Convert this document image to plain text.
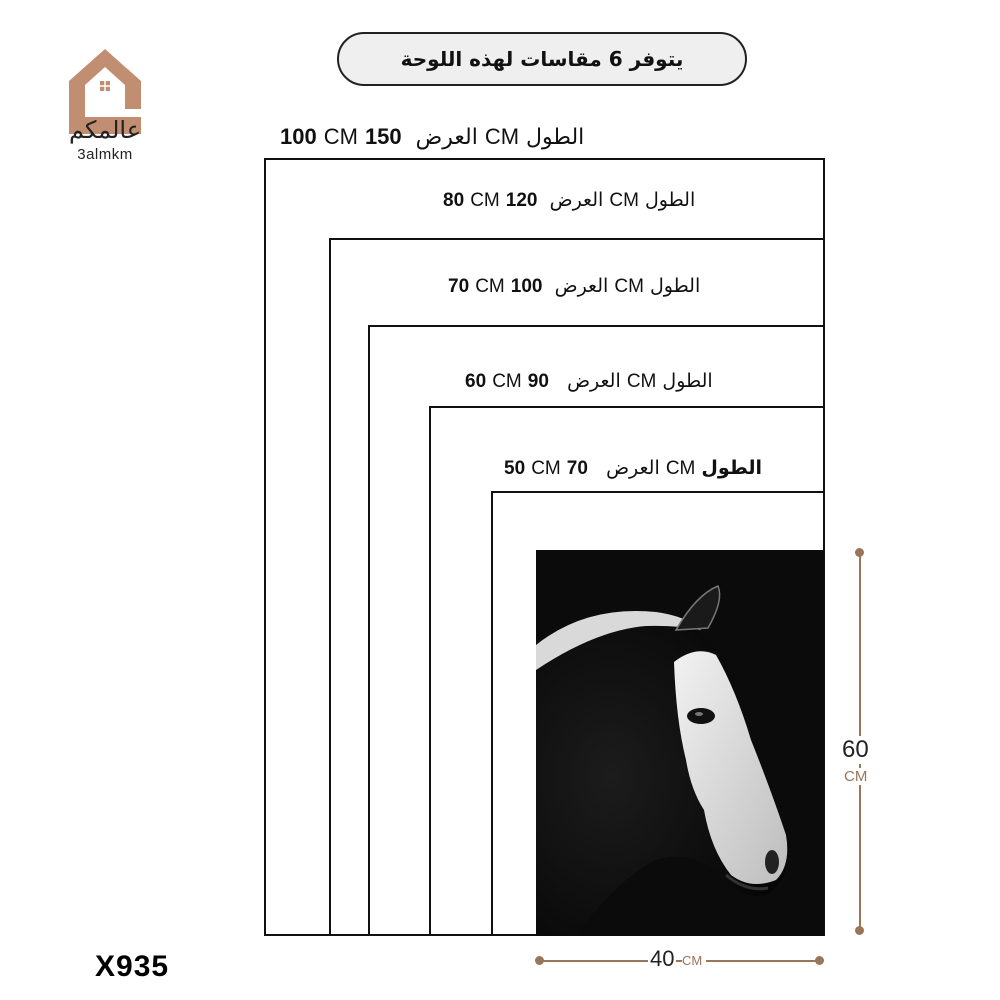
عالمكم
3almkm
يتوفر 6 مقاسات لهذه اللوحة
100 CM	العرض  150	CM الطول
80 CM	العرض  120	CM الطول
70 CM	العرض  100	CM الطول
60 CM العرض   90	CM الطول
50 CM العرض   70	CM الطول
40 CM
60
CM
X935
